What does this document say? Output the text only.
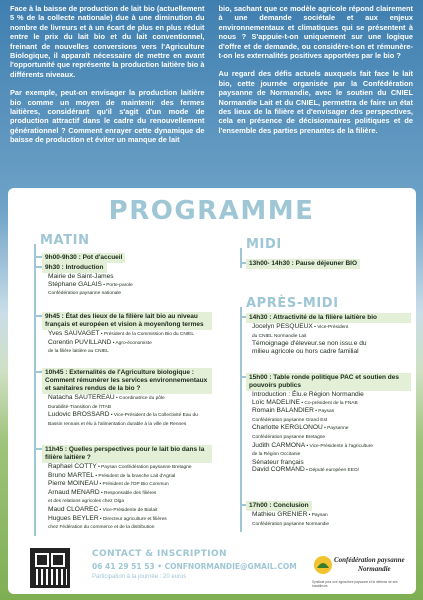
Face à la baisse de production de lait bio (actuellement 5 % de la collecte nationale) due à une diminution du nombre de livreurs et à un écart de plus en plus réduit entre le prix du lait bio et du lait conventionnel, freinant de nouvelles conversions vers l'Agriculture Biologique, il apparaît nécessaire de mettre en avant l'opportunité que représente la production laitière bio à différents niveaux.

Par exemple, peut-on envisager la production laitière bio comme un moyen de maintenir des fermes laitières, considérant qu'il s'agit d'un mode de production attractif dans le cadre du renouvellement générationnel ? Comment enrayer cette dynamique de baisse de production et éviter un manque de lait

bio, sachant que ce modèle agricole répond clairement à une demande sociétale et aux enjeux environnementaux et climatiques qui se présentent à nous ? S'appuie-t-on uniquement sur une logique d'offre et de demande, ou considère-t-on et rémunère-t-on les externalités positives apportées par le bio ?

Au regard des défis actuels auxquels fait face le lait bio, cette journée organisée par la Confédération paysanne de Normandie, avec le soutien du CNIEL Normandie Lait et du CNIEL, permettra de faire un état des lieux de la filière et d'envisager des perspectives, cela en présence de décisionnaires politiques et de l'ensemble des parties prenantes de la filière.

PROGRAMME
MATIN
9h00-9h30 : Pot d'accueil
9h30 : Introduction
Mairie de Saint-James
Stéphane GALAIS • Porte-parole
Confédération paysanne nationale
9h45 : État des lieux de la filière lait bio au niveau français et européen et vision à moyen/long termes
Yves SAUVAGET • Président de la Commission Bio du CNIEL
Corentin PUVILLAND • Agro-économiste
de la filière laitière au CNIEL
10h45 : Externalités de l'Agriculture biologique : Comment rémunérer les services environnementaux et sanitaires rendus de la bio ?
Natacha SAUTEREAU • Coordinatrice du pôle
Durabilité-Transition de l'ITAB
Ludovic BROSSARD • Vice-Président de la Collectivité Eau du
Bassin rennais et élu à l'alimentation durable à la ville de Rennes
11h45 : Quelles perspectives pour le lait bio dans la filière laitière ?
Raphael COTTY • Paysan Confédération paysanne Bretagne
Bruno MARTEL • Président de la branche Lait d'Agrial
Pierre MOINEAU • Président de l'OP Bio Commun
Arnaud MENARD • Responsable des filières
et des relations agricoles chez Olga
Maud CLOAREC • Vice-Présidente de Biolait
Hugues BEYLER • Directeur agriculture et filières
chez Fédération du commerce et de la distribution
MIDI
13h00- 14h30 : Pause déjeuner BIO
APRÈS-MIDI
14h30 : Attractivité de la filière laitière bio
Jocelyn PESQUEUX • Vice-Président
du CNIEL Normandie Lait
Témoignage d'éleveur.se non issu.e du
milieu agricole ou hors cadre familial
15h00 : Table ronde politique PAC et soutien des pouvoirs publics
Introduction : Élu.e Région Normandie
Loïc MADELINE • Co-président de la FNAB
Romain BALANDIER • Paysan
Confédération paysanne Grand Est
Charlotte KERGLONOU • Paysanne
Confédération paysanne Bretagne
Judith CARMONA • Vice-Présidente à l'agriculture
de la Région Occitanie
Sénateur français
David CORMAND • Député européen EEO/
17h00 : Conclusion
Mathieu GRENIER • Paysan
Confédération paysanne Normandie
CONTACT & INSCRIPTION
06 41 29 51 53 • CONFNORMANDIE@GMAIL.COM
Participation à la journée : 20 euros
Confédération paysanne
Normandie
Syndicat pour une agriculture paysanne et la défense de ses travailleurs
